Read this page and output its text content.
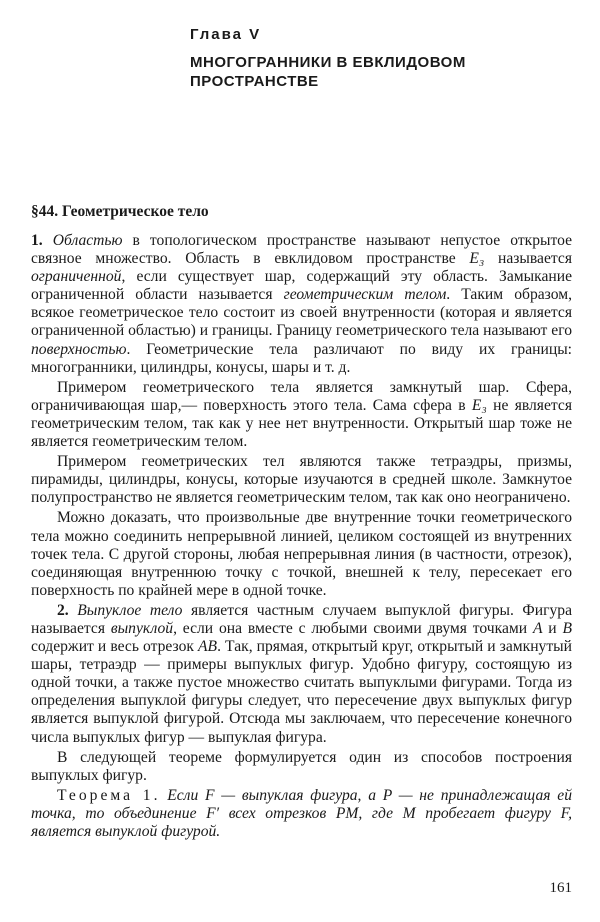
Глава V
МНОГОГРАННИКИ В ЕВКЛИДОВОМ
ПРОСТРАНСТВЕ
§44. Геометрическое тело

1. Областью в топологическом пространстве называют непустое открытое связное множество. Область в евклидовом пространстве E₃ называется ограниченной, если существует шар, содержащий эту область. Замыкание ограниченной области называется геометрическим телом. Таким образом, всякое геометрическое тело состоит из своей внутренности (которая и является ограниченной областью) и границы. Границу геометрического тела называют его поверхностью. Геометрические тела различают по виду их границы: многогранники, цилиндры, конусы, шары и т. д.

Примером геометрического тела является замкнутый шар. Сфера, ограничивающая шар,— поверхность этого тела. Сама сфера в E₃ не является геометрическим телом, так как у нее нет внутренности. Открытый шар тоже не является геометрическим телом.

Примером геометрических тел являются также тетраэдры, призмы, пирамиды, цилиндры, конусы, которые изучаются в средней школе. Замкнутое полупространство не является геометрическим телом, так как оно неограничено.

Можно доказать, что произвольные две внутренние точки геометрического тела можно соединить непрерывной линией, целиком состоящей из внутренних точек тела. С другой стороны, любая непрерывная линия (в частности, отрезок), соединяющая внутреннюю точку с точкой, внешней к телу, пересекает его поверхность по крайней мере в одной точке.

2. Выпуклое тело является частным случаем выпуклой фигуры. Фигура называется выпуклой, если она вместе с любыми своими двумя точками A и B содержит и весь отрезок AB. Так, прямая, открытый круг, открытый и замкнутый шары, тетраэдр — примеры выпуклых фигур. Удобно фигуру, состоящую из одной точки, а также пустое множество считать выпуклыми фигурами. Тогда из определения выпуклой фигуры следует, что пересечение двух выпуклых фигур является выпуклой фигурой. Отсюда мы заключаем, что пересечение конечного числа выпуклых фигур — выпуклая фигура.

В следующей теореме формулируется один из способов построения выпуклых фигур.

Теорема 1. Если F — выпуклая фигура, а P — не принадлежащая ей точка, то объединение F′ всех отрезков PM, где M пробегает фигуру F, является выпуклой фигурой.

161
